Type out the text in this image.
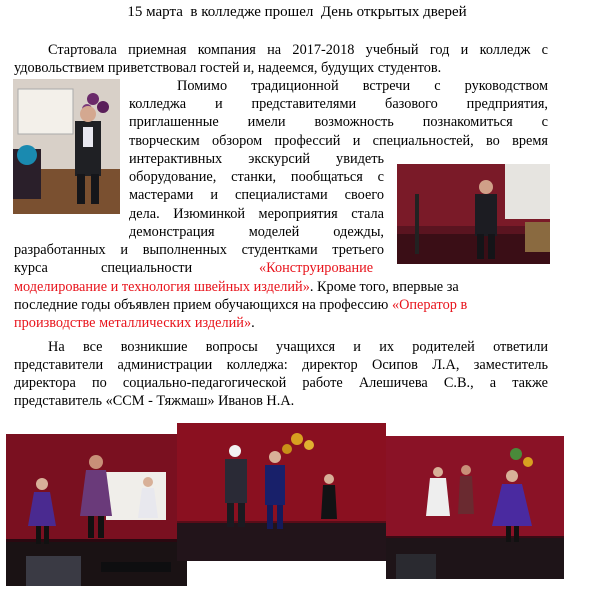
15 марта  в колледже прошел  День открытых дверей
Стартовала приемная компания на 2017-2018 учебный год и колледж с
удовольствием приветствовал гостей и, надеемся, будущих студентов.
Помимо традиционной встречи с руководством
колледжа и представителями базового предприятия,
приглашенные имели возможность познакомиться с
творческим обзором профессий и специальностей, во время
интерактивных экскурсий увидеть
оборудование, станки, пообщаться с
мастерами и специалистами своего
дела. Изюминкой мероприятия стала
демонстрация моделей одежды,
разработанных и выполненных студентками третьего
курса	специальности	«Конструирование
моделирование и технология швейных изделий». Кроме того, впервые за
последние годы объявлен прием обучающихся на профессию «Оператор в
производстве металлических изделий».
На все возникшие вопросы учащихся и их родителей ответили
представители администрации колледжа: директор Осипов Л.А, заместитель
директора по социально-педагогической работе Алешичева С.В., а также
представитель «ССМ - Тяжмаш» Иванов Н.А.
